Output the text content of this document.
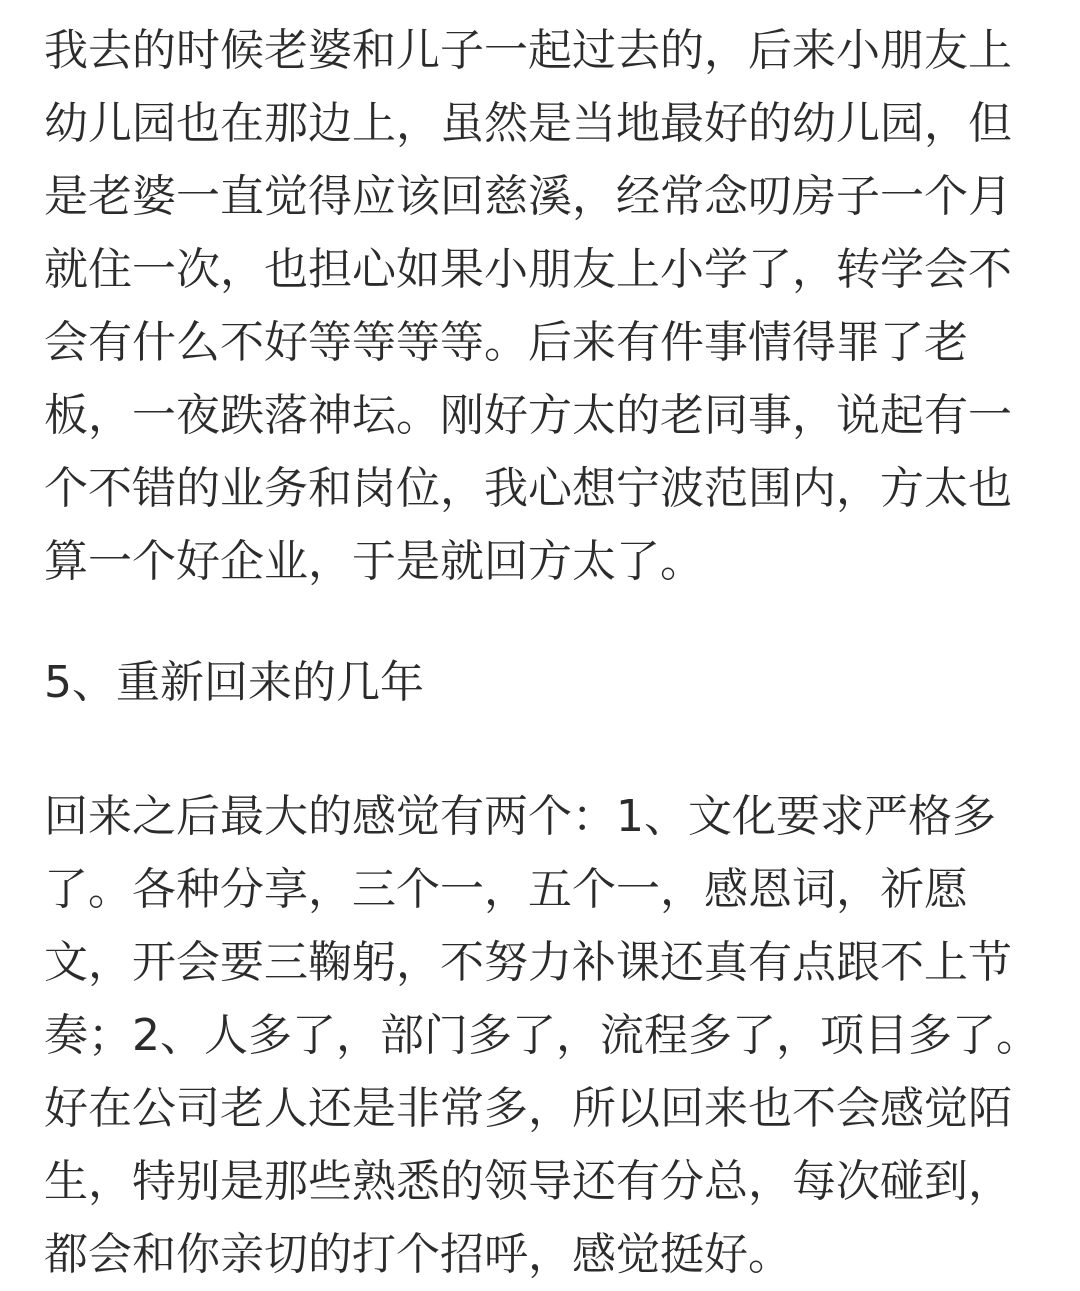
我去的时候老婆和儿子一起过去的，后来小朋友上
幼儿园也在那边上，虽然是当地最好的幼儿园，但
是老婆一直觉得应该回慈溪，经常念叨房子一个月
就住一次，也担心如果小朋友上小学了，转学会不
会有什么不好等等等等。后来有件事情得罪了老
板，一夜跌落神坛。刚好方太的老同事，说起有一
个不错的业务和岗位，我心想宁波范围内，方太也
算一个好企业，于是就回方太了。
5、重新回来的几年
回来之后最大的感觉有两个：1、文化要求严格多
了。各种分享，三个一，五个一，感恩词，祈愿
文，开会要三鞠躬，不努力补课还真有点跟不上节
奏；2、人多了，部门多了，流程多了，项目多了。
好在公司老人还是非常多，所以回来也不会感觉陌
生，特别是那些熟悉的领导还有分总，每次碰到，
都会和你亲切的打个招呼，感觉挺好。
